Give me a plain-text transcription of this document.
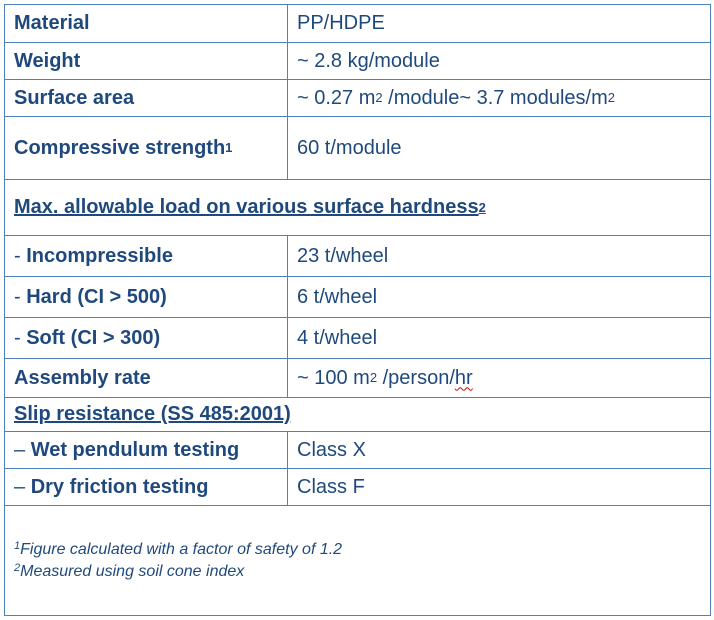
Material	PP/HDPE
Weight	~ 2.8 kg/module
Surface area	~ 0.27 m 2 /module~ 3.7 modules/m 2
Compressive strength 1	60 t/module
Max. allowable load on various surface hardness 2
- Incompressible	23 t/wheel
- Hard (CI > 500)	6 t/wheel
- Soft (CI > 300)	4 t/wheel
Assembly rate	~ 100 m 2 /person/ hr
Slip resistance (SS 485:2001)
– Wet pendulum testing	Class X
– Dry friction testing	Class F
$^1$Figure calculated with a factor of safety of 1.2
$^2$Measured using soil cone index
